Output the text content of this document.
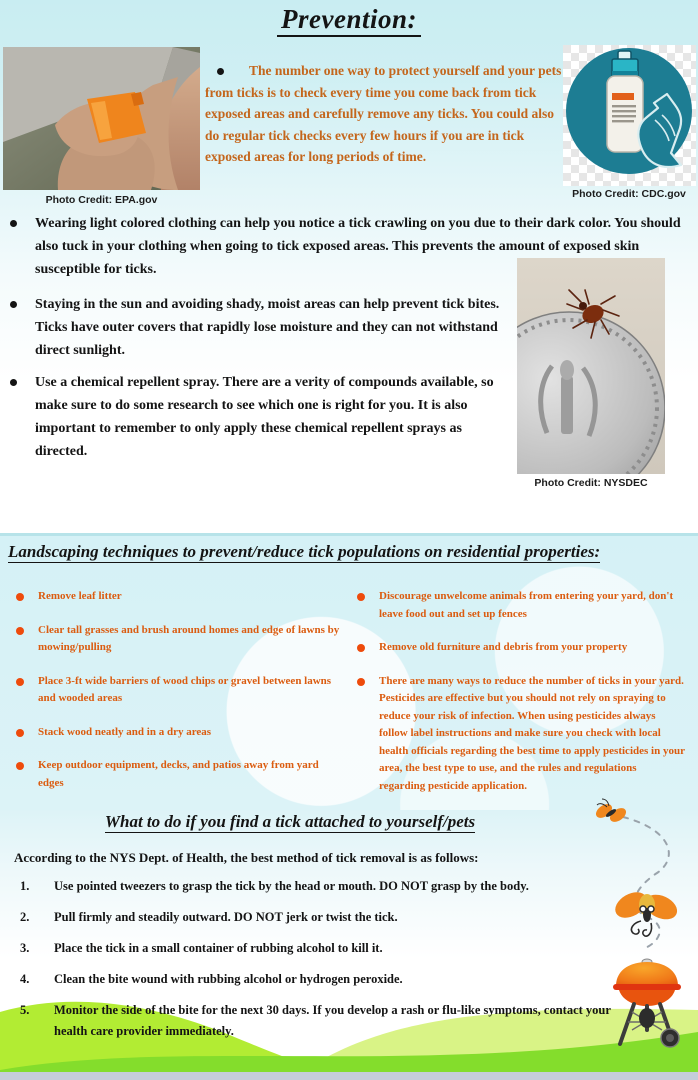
Prevention:
Photo Credit: EPA.gov

The number one way to protect yourself and your pets from ticks is to check every time you come back from tick exposed areas and carefully remove any ticks. You could also do regular tick checks every few hours if you are in tick exposed areas for long periods of time.

Photo Credit: CDC.gov

Wearing light colored clothing can help you notice a tick crawling on you due to their dark color. You should also tuck in your clothing when going to tick exposed areas. This prevents the amount of exposed skin susceptible for ticks.

Staying in the sun and avoiding shady, moist areas can help prevent tick bites. Ticks have outer covers that rapidly lose moisture and they can not withstand direct sunlight.

Use a chemical repellent spray. There are a verity of compounds available, so make sure to do some research to see which one is right for you. It is also important to remember to only apply these chemical repellent sprays as directed.

Photo Credit: NYSDEC
Landscaping techniques to prevent/reduce tick populations on residential properties:
Remove leaf litter
Clear tall grasses and brush around homes and edge of lawns by mowing/pulling
Place 3-ft wide barriers of wood chips or gravel between lawns and wooded areas
Stack wood neatly and in a dry areas
Keep outdoor equipment, decks, and patios away from yard edges
Discourage unwelcome animals from entering your yard, don't leave food out and set up fences
Remove old furniture and debris from your property
There are many ways to reduce the number of ticks in your yard. Pesticides are effective but you should not rely on spraying to reduce your risk of infection. When using pesticides always follow label instructions and make sure you check with local health officials regarding the best time to apply pesticides in your area, the best type to use, and the rules and regulations regarding pesticide application.
What to do if you find a tick attached to yourself/pets
According to the NYS Dept. of Health, the best method of tick removal is as follows:
1.	Use pointed tweezers to grasp the tick by the head or mouth. DO NOT grasp by the body.
2.	Pull firmly and steadily outward. DO NOT jerk or twist the tick.
3.	Place the tick in a small container of rubbing alcohol to kill it.
4.	Clean the bite wound with rubbing alcohol or hydrogen peroxide.
5.	Monitor the side of the bite for the next 30 days. If you develop a rash or flu-like symptoms, contact your health care provider immediately.
